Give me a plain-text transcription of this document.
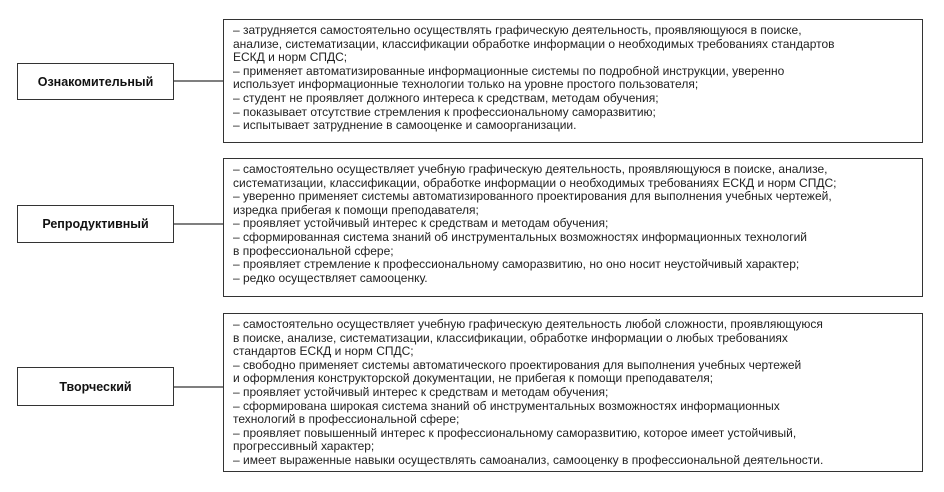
Ознакомительный
– затрудняется самостоятельно осуществлять графическую деятельность, проявляющуюся в поиске,
анализе, систематизации, классификации обработке информации о необходимых требованиях стандартов
ЕСКД и норм СПДС;
– применяет автоматизированные информационные системы по подробной инструкции, уверенно
использует информационные технологии только на уровне простого пользователя;
– студент не проявляет должного интереса к средствам, методам обучения;
– показывает отсутствие стремления к профессиональному саморазвитию;
– испытывает затруднение в самооценке и самоорганизации.
Репродуктивный
– самостоятельно осуществляет учебную графическую деятельность, проявляющуюся в поиске, анализе,
систематизации, классификации, обработке информации о необходимых требованиях ЕСКД и норм СПДС;
– уверенно применяет системы автоматизированного проектирования для выполнения учебных чертежей,
изредка прибегая к помощи преподавателя;
– проявляет устойчивый интерес к средствам и методам обучения;
– сформированная система знаний об инструментальных возможностях информационных технологий
в профессиональной сфере;
– проявляет стремление к профессиональному саморазвитию, но оно носит неустойчивый характер;
– редко осуществляет самооценку.
Творческий
– самостоятельно осуществляет учебную графическую деятельность любой сложности, проявляющуюся
в поиске, анализе, систематизации, классификации, обработке информации о любых требованиях
стандартов ЕСКД и норм СПДС;
– свободно применяет системы автоматического проектирования для выполнения учебных чертежей
и оформления конструкторской документации, не прибегая к помощи преподавателя;
– проявляет устойчивый интерес к средствам и методам обучения;
– сформирована широкая система знаний об инструментальных возможностях информационных
технологий в профессиональной сфере;
– проявляет повышенный интерес к профессиональному саморазвитию, которое имеет устойчивый,
прогрессивный характер;
– имеет выраженные навыки осуществлять самоанализ, самооценку в профессиональной деятельности.
